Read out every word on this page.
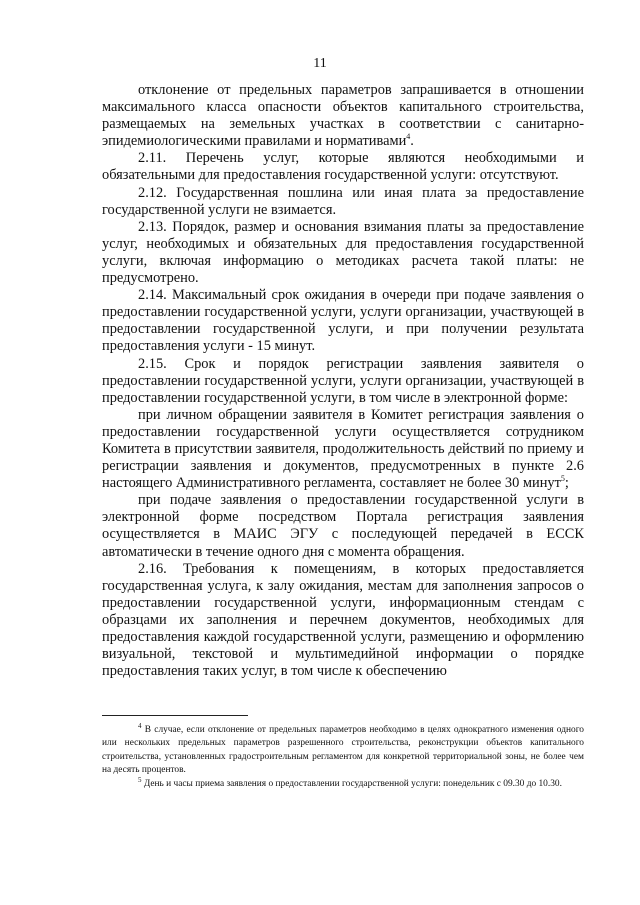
11

отклонение от предельных параметров запрашивается в отношении максимального класса опасности объектов капитального строительства, размещаемых на земельных участках в соответствии с санитарно-эпидемиологическими правилами и нормативами$^4$.

2.11. Перечень услуг, которые являются необходимыми и обязательными для предоставления государственной услуги: отсутствуют.

2.12. Государственная пошлина или иная плата за предоставление государственной услуги не взимается.

2.13. Порядок, размер и основания взимания платы за предоставление услуг, необходимых и обязательных для предоставления государственной услуги, включая информацию о методиках расчета такой платы: не предусмотрено.

2.14. Максимальный срок ожидания в очереди при подаче заявления о предоставлении государственной услуги, услуги организации, участвующей в предоставлении государственной услуги, и при получении результата предоставления услуги - 15 минут.

2.15. Срок и порядок регистрации заявления заявителя о предоставлении государственной услуги, услуги организации, участвующей в предоставлении государственной услуги, в том числе в электронной форме:

при личном обращении заявителя в Комитет регистрация заявления о предоставлении государственной услуги осуществляется сотрудником Комитета в присутствии заявителя, продолжительность действий по приему и регистрации заявления и документов, предусмотренных в пункте 2.6 настоящего Административного регламента, составляет не более 30 минут$^5$;

при подаче заявления о предоставлении государственной услуги в электронной форме посредством Портала регистрация заявления осуществляется в МАИС ЭГУ с последующей передачей в ЕССК автоматически в течение одного дня с момента обращения.

2.16. Требования к помещениям, в которых предоставляется государственная услуга, к залу ожидания, местам для заполнения запросов о предоставлении государственной услуги, информационным стендам с образцами их заполнения и перечнем документов, необходимых для предоставления каждой государственной услуги, размещению и оформлению визуальной, текстовой и мультимедийной информации о порядке предоставления таких услуг, в том числе к обеспечению

$^4$ В случае, если отклонение от предельных параметров необходимо в целях однократного изменения одного или нескольких предельных параметров разрешенного строительства, реконструкции объектов капитального строительства, установленных градостроительным регламентом для конкретной территориальной зоны, не более чем на десять процентов.

$^5$ День и часы приема заявления о предоставлении государственной услуги: понедельник с 09.30 до 10.30.
